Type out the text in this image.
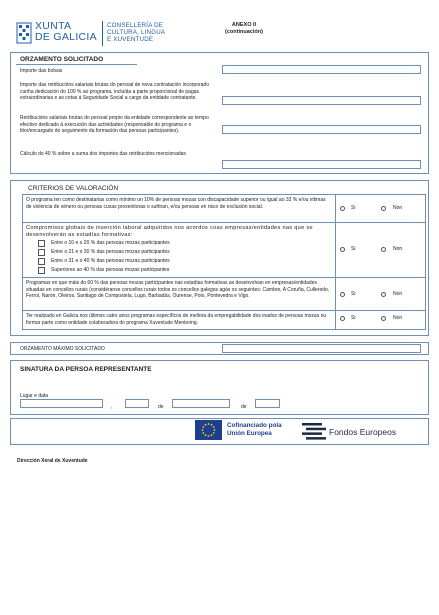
XUNTA
DE GALICIA
CONSELLERÍA DE
CULTURA, LINGUA
E XUVENTUDE
ANEXO II
(continuación)
ORZAMENTO SOLICITADO
Importe das bolsas
Importe das retribucións salariais brutas do persoal de nova contratación incorporado cunha dedicación do 100 % ao programa, incluída a parte proporcional de pagas extraordinarias e as cotas á Seguridade Social a cargo da entidade contratante.
Retribucións salariais brutas do persoal propio da entidade correspondente ao tempo efectivo dedicado á execución das actividades (responsable do programa e o titor/encargado do seguimento da formación das persoas participantes).
Cálculo do 40 % sobre a suma dos importes das retribucións mencionadas
CRITERIOS DE VALORACIÓN
O programa ten como destinatarias como mínimo un 10% de persoas mozas con discapacidade superior ou igual ao 33 % e/ou vítimas de violencia de xénero ou persoas cuxas proxenitoras o sufriran, e/ou persoas en risco de exclusión social.	Si	Non
Compromisos globais de inserción laboral adquiridos nos acordos coas empresas/entidades nas que se desenvolverán as estadías formativas:
Entre o 10 e o 20 % das persoas mozas participantes
Entre o 21 e o 30 % das persoas mozas participantes
Entre o 31 e o 40 % das persoas mozas participantes
Superiores ao 40 % das persoas mozas participantes
Si	Non
Programas en que máis do 60 % das persoas mozas participantes nas estadías formativas as desenvolvan en empresas/entidades situadas en concellos rurais (considéranse concellos rurais todos os concellos galegos agás os seguintes: Cambre, A Coruña, Culleredo, Ferrol, Narón, Oleiros, Santiago de Compostela, Lugo, Barbadás, Ourense, Poio, Pontevedra e Vigo.	Si	Non
Ter realizado en Galicia nos últimos catro anos programas específicos de mellora da empregabilidade dos inados de persoas mozas ou formar parte como entidade colaboradora do programa Xuventude Mentoring.
Si	Non
ORZAMENTO MÁXIMO SOLICITADO
SINATURA DA PERSOA REPRESENTANTE
Lugar e data
,	de	de
Cofinanciado pola
Unión Europea	Fondos Europeos
Dirección Xeral de Xuventude
